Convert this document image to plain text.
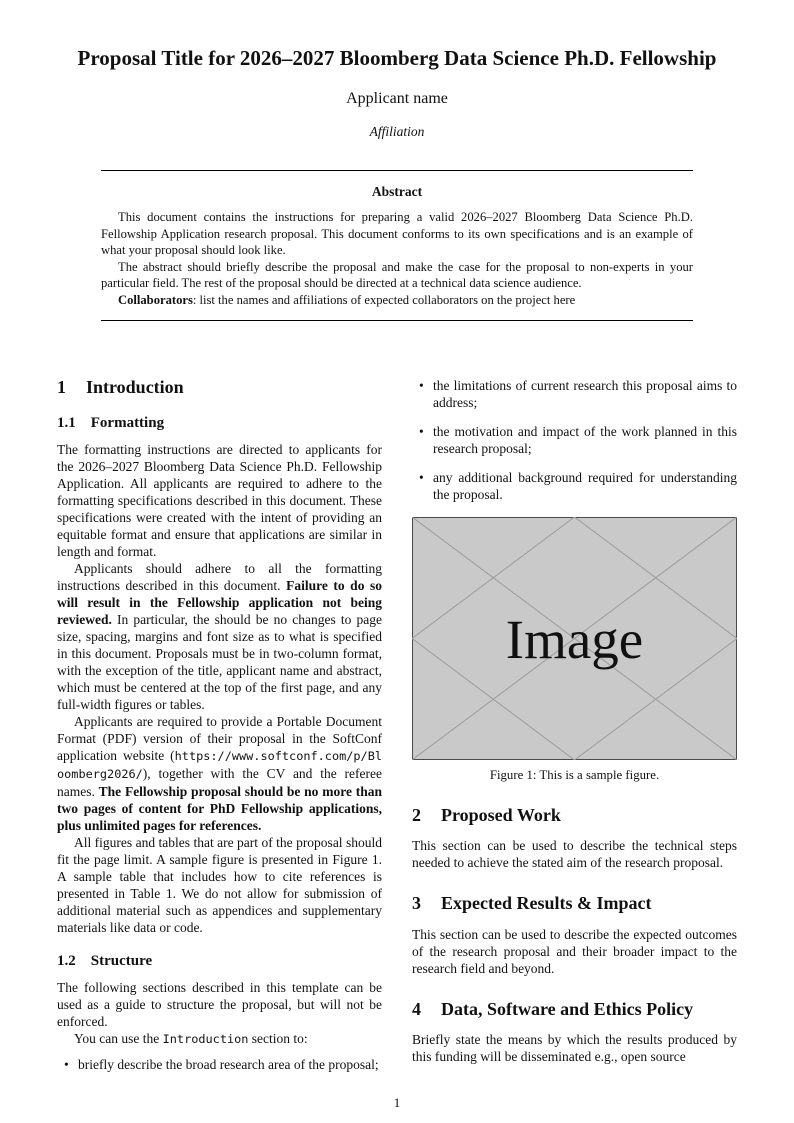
Proposal Title for 2026–2027 Bloomberg Data Science Ph.D. Fellowship
Applicant name
Affiliation
Abstract

This document contains the instructions for preparing a valid 2026–2027 Bloomberg Data Science Ph.D. Fellowship Application research proposal. This document conforms to its own specifications and is an example of what your proposal should look like.

The abstract should briefly describe the proposal and make the case for the proposal to non-experts in your particular field. The rest of the proposal should be directed at a technical data science audience.

Collaborators: list the names and affiliations of expected collaborators on the project here

1 Introduction
1.1 Formatting

The formatting instructions are directed to applicants for the 2026–2027 Bloomberg Data Science Ph.D. Fellowship Application. All applicants are required to adhere to the formatting specifications described in this document. These specifications were created with the intent of providing an equitable format and ensure that applications are similar in length and format.

Applicants should adhere to all the formatting instructions described in this document. Failure to do so will result in the Fellowship application not being reviewed. In particular, the should be no changes to page size, spacing, margins and font size as to what is specified in this document. Proposals must be in two-column format, with the exception of the title, applicant name and abstract, which must be centered at the top of the first page, and any full-width figures or tables.

Applicants are required to provide a Portable Document Format (PDF) version of their proposal in the SoftConf application website (https://www.softconf.com/p/Bloomberg2026/), together with the CV and the referee names. The Fellowship proposal should be no more than two pages of content for PhD Fellowship applications, plus unlimited pages for references.

All figures and tables that are part of the proposal should fit the page limit. A sample figure is presented in Figure 1. A sample table that includes how to cite references is presented in Table 1. We do not allow for submission of additional material such as appendices and supplementary materials like data or code.

1.2 Structure

The following sections described in this template can be used as a guide to structure the proposal, but will not be enforced.

You can use the Introduction section to:

• briefly describe the broad research area of the proposal;
• the limitations of current research this proposal aims to address;
• the motivation and impact of the work planned in this research proposal;
• any additional background required for understanding the proposal.
Image
Figure 1: This is a sample figure.
2 Proposed Work

This section can be used to describe the technical steps needed to achieve the stated aim of the research proposal.

3 Expected Results & Impact

This section can be used to describe the expected outcomes of the research proposal and their broader impact to the research field and beyond.

4 Data, Software and Ethics Policy

Briefly state the means by which the results produced by this funding will be disseminated e.g., open source

1
